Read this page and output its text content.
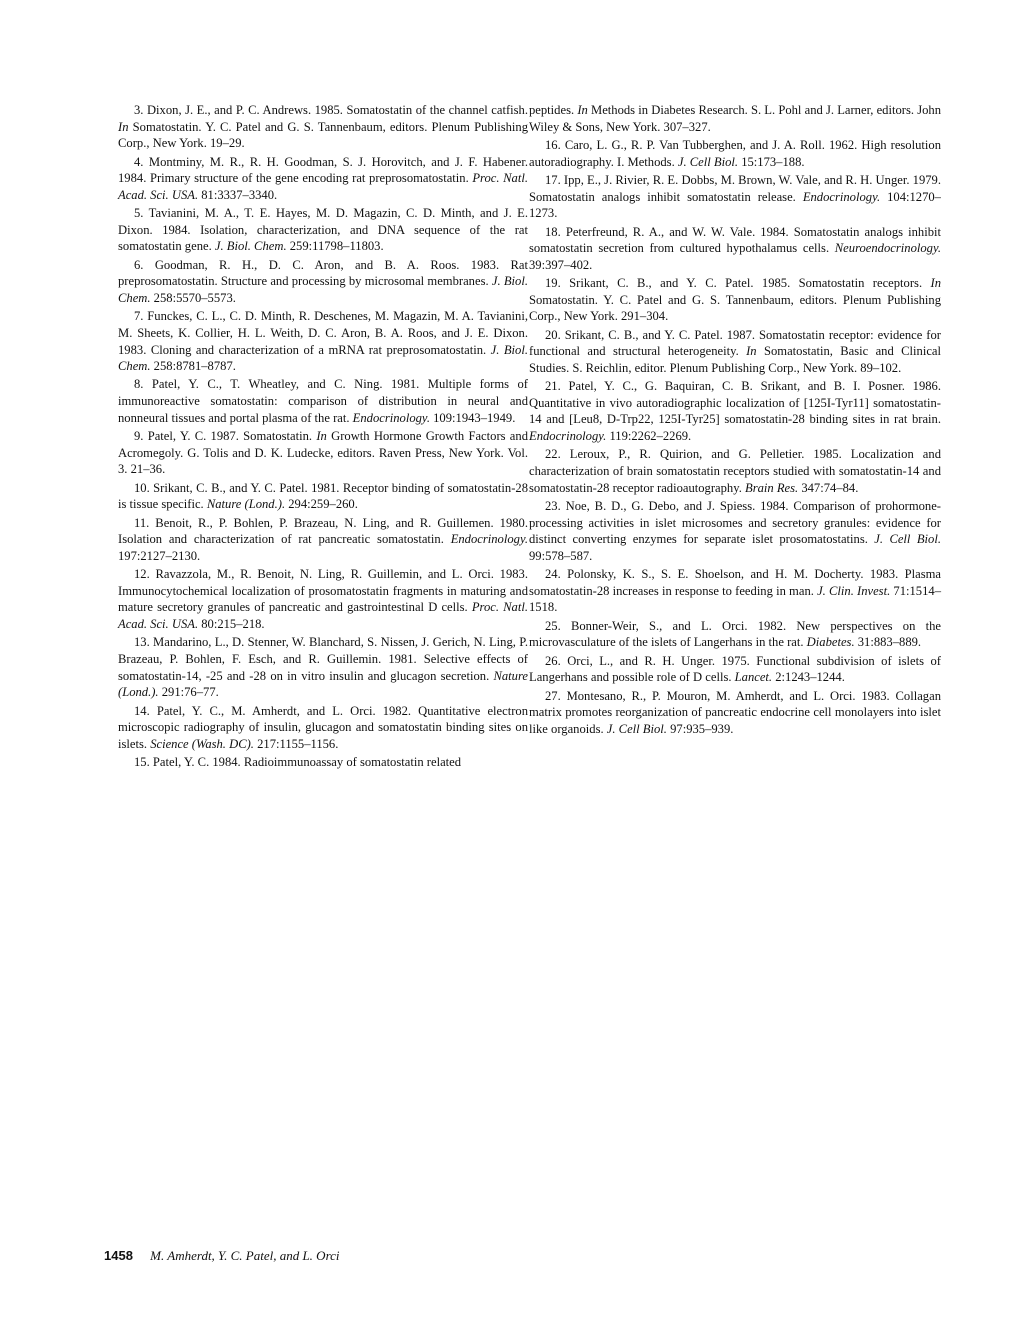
3. Dixon, J. E., and P. C. Andrews. 1985. Somatostatin of the channel catfish. In Somatostatin. Y. C. Patel and G. S. Tannenbaum, editors. Plenum Publishing Corp., New York. 19–29.

4. Montminy, M. R., R. H. Goodman, S. J. Horovitch, and J. F. Habener. 1984. Primary structure of the gene encoding rat preprosomatostatin. Proc. Natl. Acad. Sci. USA. 81:3337–3340.

5. Tavianini, M. A., T. E. Hayes, M. D. Magazin, C. D. Minth, and J. E. Dixon. 1984. Isolation, characterization, and DNA sequence of the rat somatostatin gene. J. Biol. Chem. 259:11798–11803.

6. Goodman, R. H., D. C. Aron, and B. A. Roos. 1983. Rat preprosomatostatin. Structure and processing by microsomal membranes. J. Biol. Chem. 258:5570–5573.

7. Funckes, C. L., C. D. Minth, R. Deschenes, M. Magazin, M. A. Tavianini, M. Sheets, K. Collier, H. L. Weith, D. C. Aron, B. A. Roos, and J. E. Dixon. 1983. Cloning and characterization of a mRNA rat preprosomatostatin. J. Biol. Chem. 258:8781–8787.

8. Patel, Y. C., T. Wheatley, and C. Ning. 1981. Multiple forms of immunoreactive somatostatin: comparison of distribution in neural and nonneural tissues and portal plasma of the rat. Endocrinology. 109:1943–1949.

9. Patel, Y. C. 1987. Somatostatin. In Growth Hormone Growth Factors and Acromegoly. G. Tolis and D. K. Ludecke, editors. Raven Press, New York. Vol. 3. 21–36.

10. Srikant, C. B., and Y. C. Patel. 1981. Receptor binding of somatostatin-28 is tissue specific. Nature (Lond.). 294:259–260.

11. Benoit, R., P. Bohlen, P. Brazeau, N. Ling, and R. Guillemen. 1980. Isolation and characterization of rat pancreatic somatostatin. Endocrinology. 197:2127–2130.

12. Ravazzola, M., R. Benoit, N. Ling, R. Guillemin, and L. Orci. 1983. Immunocytochemical localization of prosomatostatin fragments in maturing and mature secretory granules of pancreatic and gastrointestinal D cells. Proc. Natl. Acad. Sci. USA. 80:215–218.

13. Mandarino, L., D. Stenner, W. Blanchard, S. Nissen, J. Gerich, N. Ling, P. Brazeau, P. Bohlen, F. Esch, and R. Guillemin. 1981. Selective effects of somatostatin-14, -25 and -28 on in vitro insulin and glucagon secretion. Nature (Lond.). 291:76–77.

14. Patel, Y. C., M. Amherdt, and L. Orci. 1982. Quantitative electron microscopic radiography of insulin, glucagon and somatostatin binding sites on islets. Science (Wash. DC). 217:1155–1156.

15. Patel, Y. C. 1984. Radioimmunoassay of somatostatin related

peptides. In Methods in Diabetes Research. S. L. Pohl and J. Larner, editors. John Wiley & Sons, New York. 307–327.

16. Caro, L. G., R. P. Van Tubberghen, and J. A. Roll. 1962. High resolution autoradiography. I. Methods. J. Cell Biol. 15:173–188.

17. Ipp, E., J. Rivier, R. E. Dobbs, M. Brown, W. Vale, and R. H. Unger. 1979. Somatostatin analogs inhibit somatostatin release. Endocrinology. 104:1270–1273.

18. Peterfreund, R. A., and W. W. Vale. 1984. Somatostatin analogs inhibit somatostatin secretion from cultured hypothalamus cells. Neuroendocrinology. 39:397–402.

19. Srikant, C. B., and Y. C. Patel. 1985. Somatostatin receptors. In Somatostatin. Y. C. Patel and G. S. Tannenbaum, editors. Plenum Publishing Corp., New York. 291–304.

20. Srikant, C. B., and Y. C. Patel. 1987. Somatostatin receptor: evidence for functional and structural heterogeneity. In Somatostatin, Basic and Clinical Studies. S. Reichlin, editor. Plenum Publishing Corp., New York. 89–102.

21. Patel, Y. C., G. Baquiran, C. B. Srikant, and B. I. Posner. 1986. Quantitative in vivo autoradiographic localization of [125I-Tyr11] somatostatin-14 and [Leu8, D-Trp22, 125I-Tyr25] somatostatin-28 binding sites in rat brain. Endocrinology. 119:2262–2269.

22. Leroux, P., R. Quirion, and G. Pelletier. 1985. Localization and characterization of brain somatostatin receptors studied with somatostatin-14 and somatostatin-28 receptor radioautography. Brain Res. 347:74–84.

23. Noe, B. D., G. Debo, and J. Spiess. 1984. Comparison of prohormone-processing activities in islet microsomes and secretory granules: evidence for distinct converting enzymes for separate islet prosomatostatins. J. Cell Biol. 99:578–587.

24. Polonsky, K. S., S. E. Shoelson, and H. M. Docherty. 1983. Plasma somatostatin-28 increases in response to feeding in man. J. Clin. Invest. 71:1514–1518.

25. Bonner-Weir, S., and L. Orci. 1982. New perspectives on the microvasculature of the islets of Langerhans in the rat. Diabetes. 31:883–889.

26. Orci, L., and R. H. Unger. 1975. Functional subdivision of islets of Langerhans and possible role of D cells. Lancet. 2:1243–1244.

27. Montesano, R., P. Mouron, M. Amherdt, and L. Orci. 1983. Collagan matrix promotes reorganization of pancreatic endocrine cell monolayers into islet like organoids. J. Cell Biol. 97:935–939.

1458 M. Amherdt, Y. C. Patel, and L. Orci
